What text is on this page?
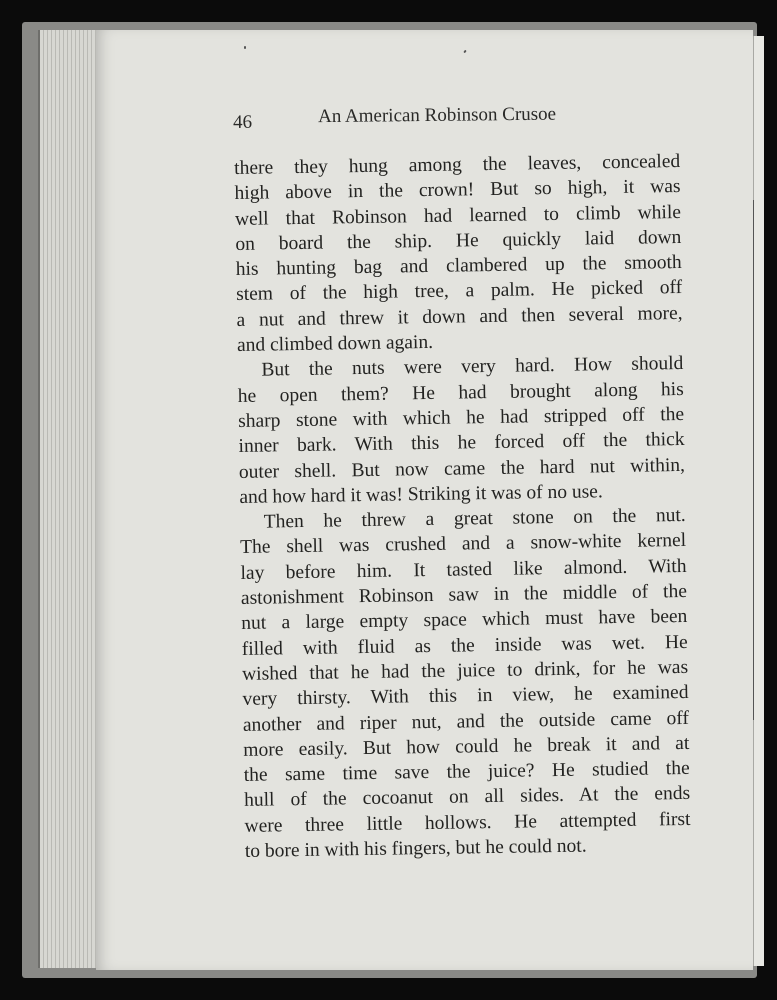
46	An American Robinson Crusoe
there they hung among the leaves, concealed
high above in the crown! But so high, it was
well that Robinson had learned to climb while
on board the ship. He quickly laid down
his hunting bag and clambered up the smooth
stem of the high tree, a palm. He picked off
a nut and threw it down and then several more,
and climbed down again.
But the nuts were very hard. How should
he open them? He had brought along his
sharp stone with which he had stripped off the
inner bark. With this he forced off the thick
outer shell. But now came the hard nut within,
and how hard it was! Striking it was of no use.
Then he threw a great stone on the nut.
The shell was crushed and a snow-white kernel
lay before him. It tasted like almond. With
astonishment Robinson saw in the middle of the
nut a large empty space which must have been
filled with fluid as the inside was wet. He
wished that he had the juice to drink, for he was
very thirsty. With this in view, he examined
another and riper nut, and the outside came off
more easily. But how could he break it and at
the same time save the juice? He studied the
hull of the cocoanut on all sides. At the ends
were three little hollows. He attempted first
to bore in with his fingers, but he could not.
